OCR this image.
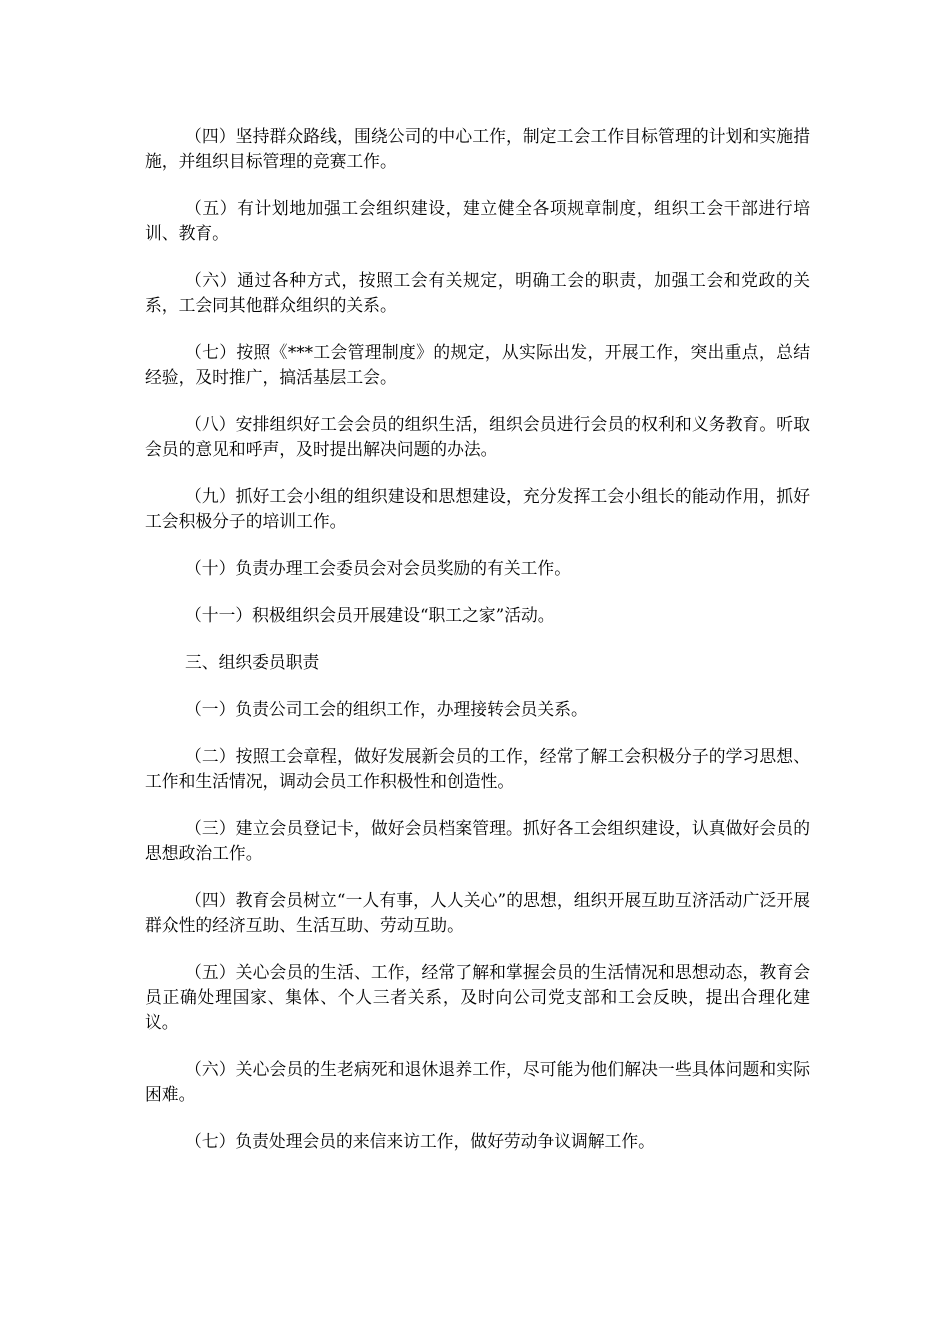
（四）坚持群众路线，围绕公司的中心工作，制定工会工作目标管理的计划和实施措施，并组织目标管理的竞赛工作。

（五）有计划地加强工会组织建设，建立健全各项规章制度，组织工会干部进行培训、教育。

（六）通过各种方式，按照工会有关规定，明确工会的职责，加强工会和党政的关系，工会同其他群众组织的关系。

（七）按照《***工会管理制度》的规定，从实际出发，开展工作，突出重点，总结经验，及时推广，搞活基层工会。

（八）安排组织好工会会员的组织生活，组织会员进行会员的权利和义务教育。听取会员的意见和呼声，及时提出解决问题的办法。

（九）抓好工会小组的组织建设和思想建设，充分发挥工会小组长的能动作用，抓好工会积极分子的培训工作。

（十）负责办理工会委员会对会员奖励的有关工作。

（十一）积极组织会员开展建设“职工之家”活动。

三、组织委员职责

（一）负责公司工会的组织工作，办理接转会员关系。

（二）按照工会章程，做好发展新会员的工作，经常了解工会积极分子的学习思想、工作和生活情况，调动会员工作积极性和创造性。

（三）建立会员登记卡，做好会员档案管理。抓好各工会组织建设，认真做好会员的思想政治工作。

（四）教育会员树立“一人有事，人人关心”的思想，组织开展互助互济活动广泛开展群众性的经济互助、生活互助、劳动互助。

（五）关心会员的生活、工作，经常了解和掌握会员的生活情况和思想动态，教育会员正确处理国家、集体、个人三者关系，及时向公司党支部和工会反映，提出合理化建议。

（六）关心会员的生老病死和退休退养工作，尽可能为他们解决一些具体问题和实际困难。

（七）负责处理会员的来信来访工作，做好劳动争议调解工作。
